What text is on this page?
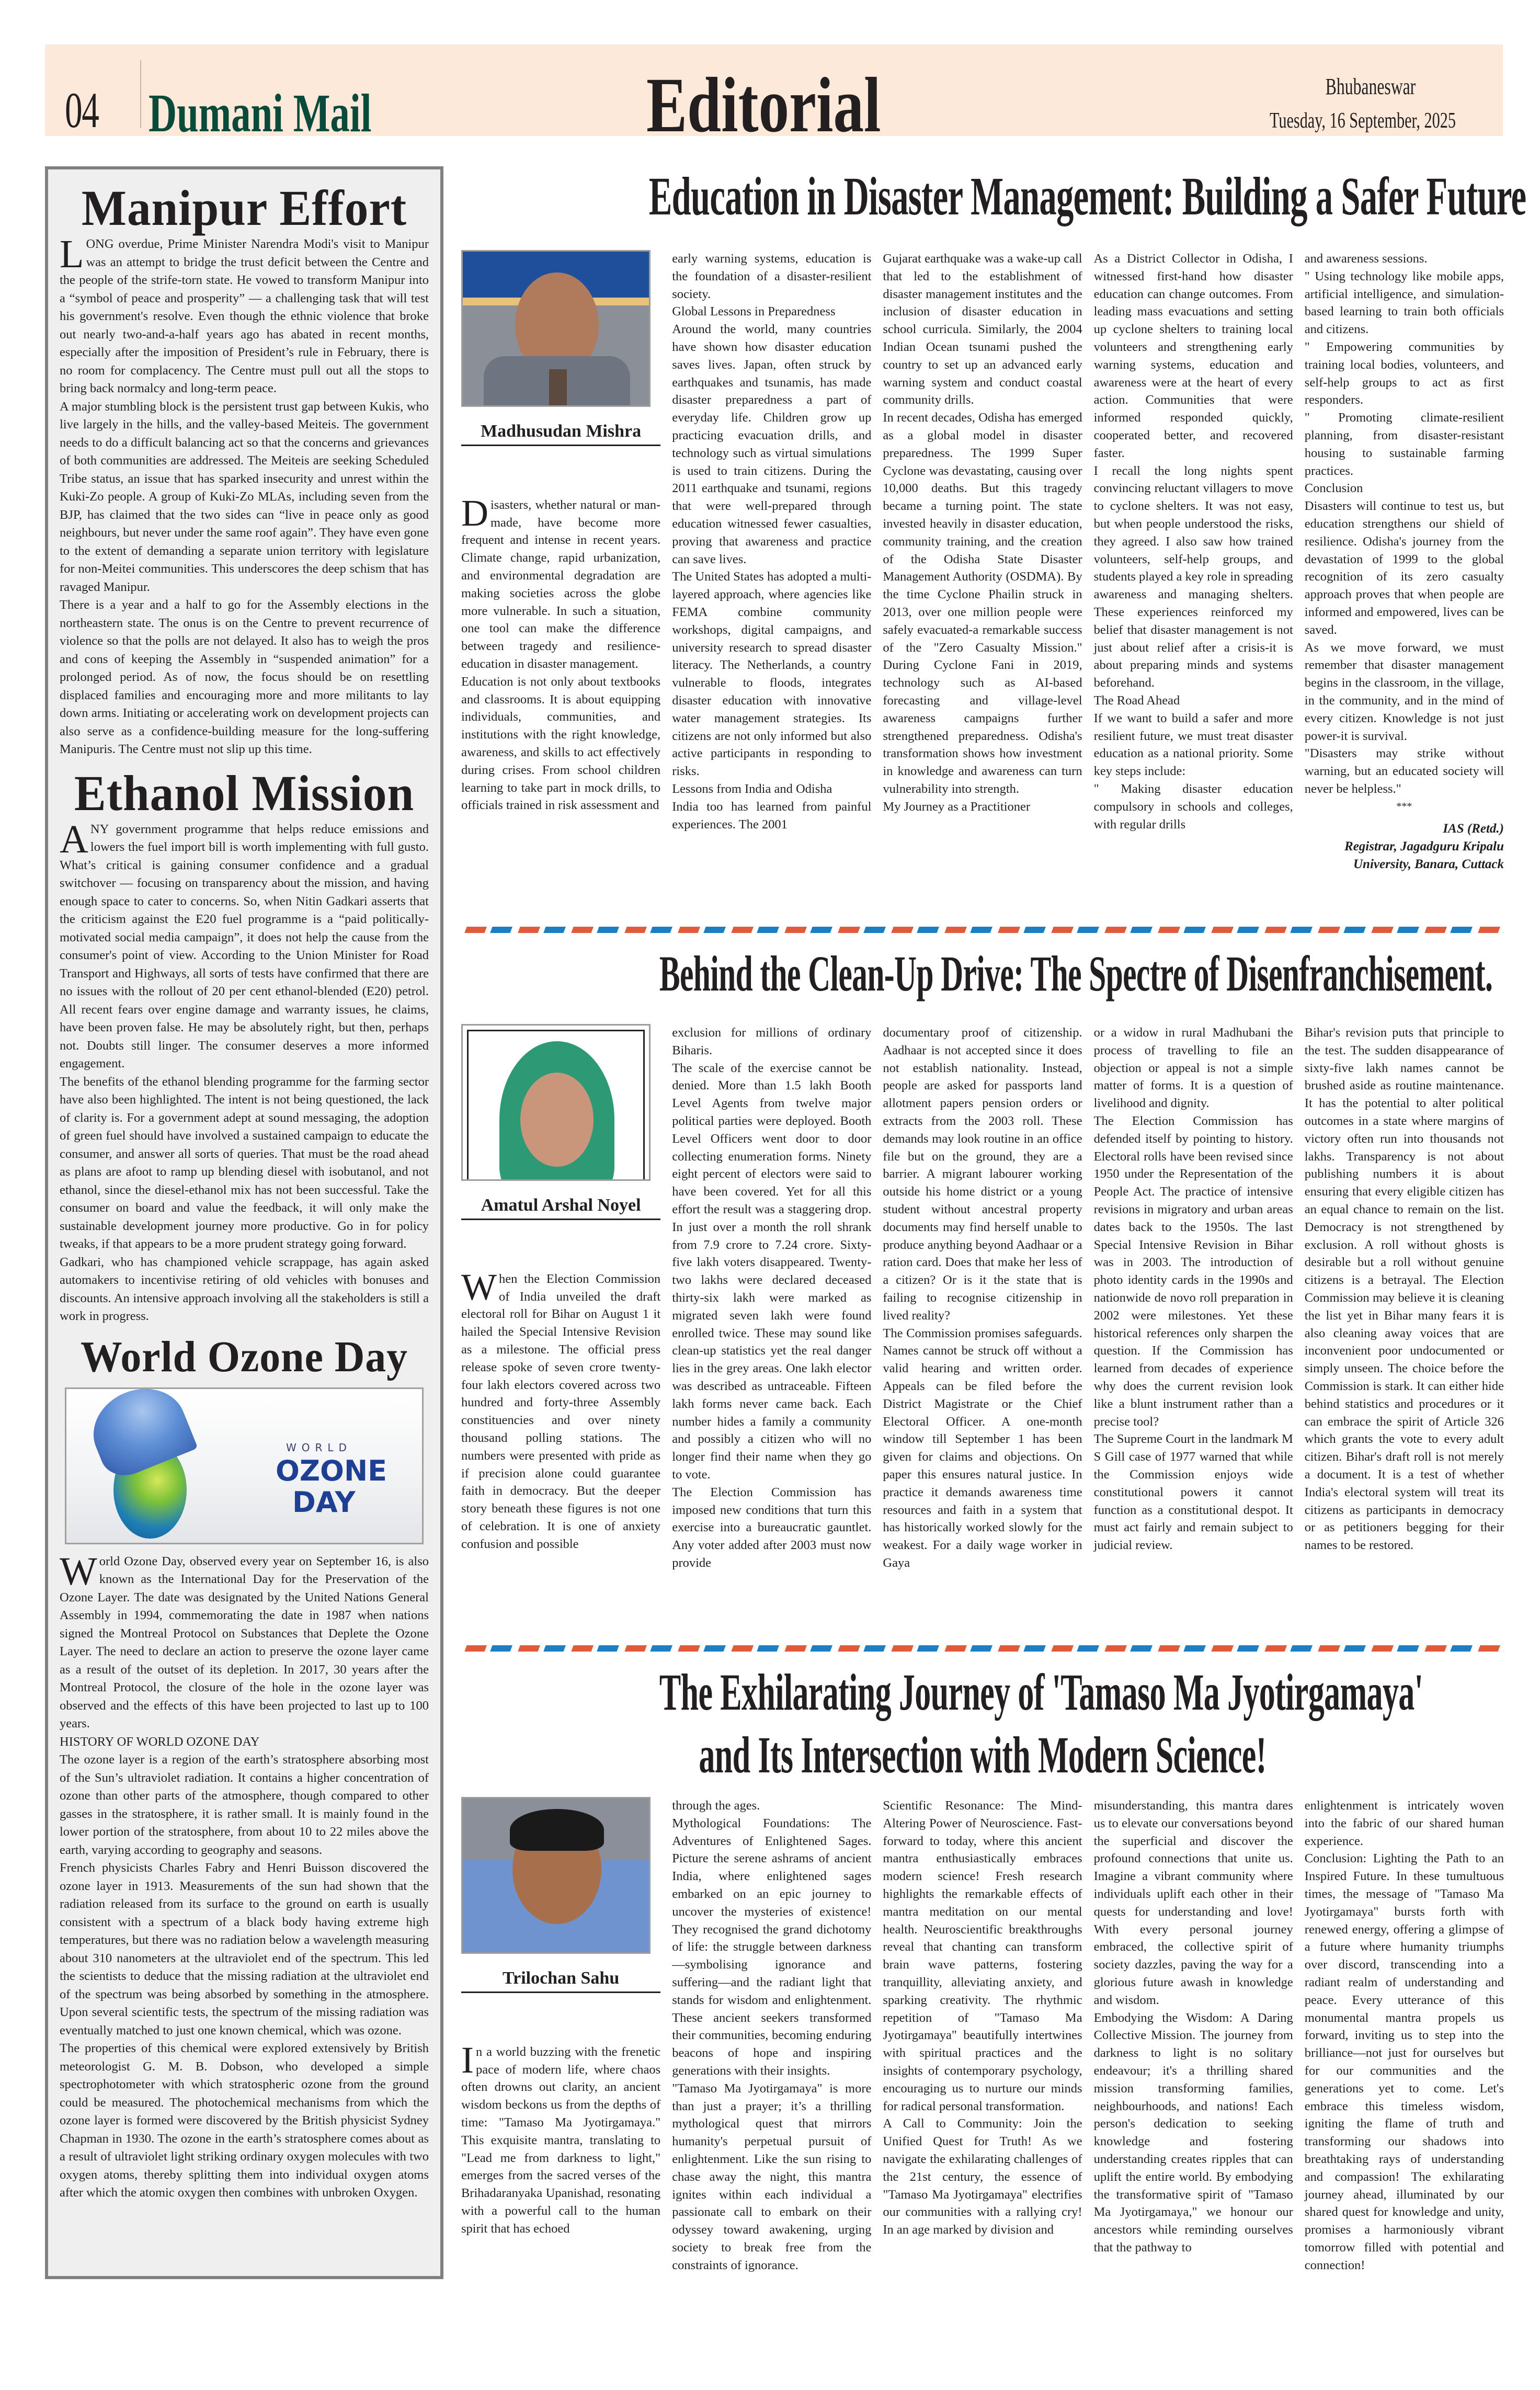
04 Dumani Mail	Editorial	Bhubaneswar
Tuesday, 16 September, 2025
Manipur Effort

LONG overdue, Prime Minister Narendra Modi's visit to Manipur was an attempt to bridge the trust deficit between the Centre and the people of the strife-torn state. He vowed to transform Manipur into a “symbol of peace and prosperity” — a challenging task that will test his government's resolve. Even though the ethnic violence that broke out nearly two-and-a-half years ago has abated in recent months, especially after the imposition of President’s rule in February, there is no room for complacency. The Centre must pull out all the stops to bring back normalcy and long-term peace.

A major stumbling block is the persistent trust gap between Kukis, who live largely in the hills, and the valley-based Meiteis. The government needs to do a difficult balancing act so that the concerns and grievances of both communities are addressed. The Meiteis are seeking Scheduled Tribe status, an issue that has sparked insecurity and unrest within the Kuki-Zo people. A group of Kuki-Zo MLAs, including seven from the BJP, has claimed that the two sides can “live in peace only as good neighbours, but never under the same roof again”. They have even gone to the extent of demanding a separate union territory with legislature for non-Meitei communities. This underscores the deep schism that has ravaged Manipur.

There is a year and a half to go for the Assembly elections in the northeastern state. The onus is on the Centre to prevent recurrence of violence so that the polls are not delayed. It also has to weigh the pros and cons of keeping the Assembly in “suspended animation” for a prolonged period. As of now, the focus should be on resettling displaced families and encouraging more and more militants to lay down arms. Initiating or accelerating work on development projects can also serve as a confidence-building measure for the long-suffering Manipuris. The Centre must not slip up this time.

Ethanol Mission

ANY government programme that helps reduce emissions and lowers the fuel import bill is worth implementing with full gusto. What’s critical is gaining consumer confidence and a gradual switchover — focusing on transparency about the mission, and having enough space to cater to concerns. So, when Nitin Gadkari asserts that the criticism against the E20 fuel programme is a “paid politically-motivated social media campaign”, it does not help the cause from the consumer's point of view. According to the Union Minister for Road Transport and Highways, all sorts of tests have confirmed that there are no issues with the rollout of 20 per cent ethanol-blended (E20) petrol. All recent fears over engine damage and warranty issues, he claims, have been proven false. He may be absolutely right, but then, perhaps not. Doubts still linger. The consumer deserves a more informed engagement.

The benefits of the ethanol blending programme for the farming sector have also been highlighted. The intent is not being questioned, the lack of clarity is. For a government adept at sound messaging, the adoption of green fuel should have involved a sustained campaign to educate the consumer, and answer all sorts of queries. That must be the road ahead as plans are afoot to ramp up blending diesel with isobutanol, and not ethanol, since the diesel-ethanol mix has not been successful. Take the consumer on board and value the feedback, it will only make the sustainable development journey more productive. Go in for policy tweaks, if that appears to be a more prudent strategy going forward.

Gadkari, who has championed vehicle scrappage, has again asked automakers to incentivise retiring of old vehicles with bonuses and discounts. An intensive approach involving all the stakeholders is still a work in progress.

World Ozone Day
WORLD
OZONE
DAY

World Ozone Day, observed every year on September 16, is also known as the International Day for the Preservation of the Ozone Layer. The date was designated by the United Nations General Assembly in 1994, commemorating the date in 1987 when nations signed the Montreal Protocol on Substances that Deplete the Ozone Layer. The need to declare an action to preserve the ozone layer came as a result of the outset of its depletion. In 2017, 30 years after the Montreal Protocol, the closure of the hole in the ozone layer was observed and the effects of this have been projected to last up to 100 years.

HISTORY OF WORLD OZONE DAY

The ozone layer is a region of the earth’s stratosphere absorbing most of the Sun’s ultraviolet radiation. It contains a higher concentration of ozone than other parts of the atmosphere, though compared to other gasses in the stratosphere, it is rather small. It is mainly found in the lower portion of the stratosphere, from about 10 to 22 miles above the earth, varying according to geography and seasons.

French physicists Charles Fabry and Henri Buisson discovered the ozone layer in 1913. Measurements of the sun had shown that the radiation released from its surface to the ground on earth is usually consistent with a spectrum of a black body having extreme high temperatures, but there was no radiation below a wavelength measuring about 310 nanometers at the ultraviolet end of the spectrum. This led the scientists to deduce that the missing radiation at the ultraviolet end of the spectrum was being absorbed by something in the atmosphere. Upon several scientific tests, the spectrum of the missing radiation was eventually matched to just one known chemical, which was ozone.

The properties of this chemical were explored extensively by British meteorologist G. M. B. Dobson, who developed a simple spectrophotometer with which stratospheric ozone from the ground could be measured. The photochemical mechanisms from which the ozone layer is formed were discovered by the British physicist Sydney Chapman in 1930. The ozone in the earth’s stratosphere comes about as a result of ultraviolet light striking ordinary oxygen molecules with two oxygen atoms, thereby splitting them into individual oxygen atoms after which the atomic oxygen then combines with unbroken Oxygen.

Education in Disaster Management: Building a Safer Future
Madhusudan Mishra

Disasters, whether natural or man-made, have become more frequent and intense in recent years. Climate change, rapid urbanization, and environmental degradation are making societies across the globe more vulnerable. In such a situation, one tool can make the difference between tragedy and resilience-education in disaster management.

Education is not only about textbooks and classrooms. It is about equipping individuals, communities, and institutions with the right knowledge, awareness, and skills to act effectively during crises. From school children learning to take part in mock drills, to officials trained in risk assessment and

early warning systems, education is the foundation of a disaster-resilient society.

Global Lessons in Preparedness

Around the world, many countries have shown how disaster education saves lives. Japan, often struck by earthquakes and tsunamis, has made disaster preparedness a part of everyday life. Children grow up practicing evacuation drills, and technology such as virtual simulations is used to train citizens. During the 2011 earthquake and tsunami, regions that were well-prepared through education witnessed fewer casualties, proving that awareness and practice can save lives.

The United States has adopted a multi-layered approach, where agencies like FEMA combine community workshops, digital campaigns, and university research to spread disaster literacy. The Netherlands, a country vulnerable to floods, integrates disaster education with innovative water management strategies. Its citizens are not only informed but also active participants in responding to risks.

Lessons from India and Odisha

India too has learned from painful experiences. The 2001

Gujarat earthquake was a wake-up call that led to the establishment of disaster management institutes and the inclusion of disaster education in school curricula. Similarly, the 2004 Indian Ocean tsunami pushed the country to set up an advanced early warning system and conduct coastal community drills.

In recent decades, Odisha has emerged as a global model in disaster preparedness. The 1999 Super Cyclone was devastating, causing over 10,000 deaths. But this tragedy became a turning point. The state invested heavily in disaster education, community training, and the creation of the Odisha State Disaster Management Authority (OSDMA). By the time Cyclone Phailin struck in 2013, over one million people were safely evacuated-a remarkable success of the "Zero Casualty Mission." During Cyclone Fani in 2019, technology such as AI-based forecasting and village-level awareness campaigns further strengthened preparedness. Odisha's transformation shows how investment in knowledge and awareness can turn vulnerability into strength.

My Journey as a Practitioner

As a District Collector in Odisha, I witnessed first-hand how disaster education can change outcomes. From leading mass evacuations and setting up cyclone shelters to training local volunteers and strengthening early warning systems, education and awareness were at the heart of every action. Communities that were informed responded quickly, cooperated better, and recovered faster.

I recall the long nights spent convincing reluctant villagers to move to cyclone shelters. It was not easy, but when people understood the risks, they agreed. I also saw how trained volunteers, self-help groups, and students played a key role in spreading awareness and managing shelters. These experiences reinforced my belief that disaster management is not just about relief after a crisis-it is about preparing minds and systems beforehand.

The Road Ahead

If we want to build a safer and more resilient future, we must treat disaster education as a national priority. Some key steps include:

" Making disaster education compulsory in schools and colleges, with regular drills

and awareness sessions.

" Using technology like mobile apps, artificial intelligence, and simulation-based learning to train both officials and citizens.

" Empowering communities by training local bodies, volunteers, and self-help groups to act as first responders.

" Promoting climate-resilient planning, from disaster-resistant housing to sustainable farming practices.

Conclusion

Disasters will continue to test us, but education strengthens our shield of resilience. Odisha's journey from the devastation of 1999 to the global recognition of its zero casualty approach proves that when people are informed and empowered, lives can be saved.

As we move forward, we must remember that disaster management begins in the classroom, in the village, in the community, and in the mind of every citizen. Knowledge is not just power-it is survival.

"Disasters may strike without warning, but an educated society will never be helpless."

***

IAS (Retd.)

Registrar, Jagadguru Kripalu

University, Banara, Cuttack

Behind the Clean-Up Drive: The Spectre of Disenfranchisement.
Amatul Arshal Noyel

When the Election Commission of India unveiled the draft electoral roll for Bihar on August 1 it hailed the Special Intensive Revision as a milestone. The official press release spoke of seven crore twenty-four lakh electors covered across two hundred and forty-three Assembly constituencies and over ninety thousand polling stations. The numbers were presented with pride as if precision alone could guarantee faith in democracy. But the deeper story beneath these figures is not one of celebration. It is one of anxiety confusion and possible

exclusion for millions of ordinary Biharis.

The scale of the exercise cannot be denied. More than 1.5 lakh Booth Level Agents from twelve major political parties were deployed. Booth Level Officers went door to door collecting enumeration forms. Ninety eight percent of electors were said to have been covered. Yet for all this effort the result was a staggering drop. In just over a month the roll shrank from 7.9 crore to 7.24 crore. Sixty-five lakh voters disappeared. Twenty-two lakhs were declared deceased thirty-six lakh were marked as migrated seven lakh were found enrolled twice. These may sound like clean-up statistics yet the real danger lies in the grey areas. One lakh elector was described as untraceable. Fifteen lakh forms never came back. Each number hides a family a community and possibly a citizen who will no longer find their name when they go to vote.

The Election Commission has imposed new conditions that turn this exercise into a bureaucratic gauntlet. Any voter added after 2003 must now provide

documentary proof of citizenship. Aadhaar is not accepted since it does not establish nationality. Instead, people are asked for passports land allotment papers pension orders or extracts from the 2003 roll. These demands may look routine in an office file but on the ground, they are a barrier. A migrant labourer working outside his home district or a young student without ancestral property documents may find herself unable to produce anything beyond Aadhaar or a ration card. Does that make her less of a citizen? Or is it the state that is failing to recognise citizenship in lived reality?

The Commission promises safeguards. Names cannot be struck off without a valid hearing and written order. Appeals can be filed before the District Magistrate or the Chief Electoral Officer. A one-month window till September 1 has been given for claims and objections. On paper this ensures natural justice. In practice it demands awareness time resources and faith in a system that has historically worked slowly for the weakest. For a daily wage worker in Gaya

or a widow in rural Madhubani the process of travelling to file an objection or appeal is not a simple matter of forms. It is a question of livelihood and dignity.

The Election Commission has defended itself by pointing to history. Electoral rolls have been revised since 1950 under the Representation of the People Act. The practice of intensive revisions in migratory and urban areas dates back to the 1950s. The last Special Intensive Revision in Bihar was in 2003. The introduction of photo identity cards in the 1990s and nationwide de novo roll preparation in 2002 were milestones. Yet these historical references only sharpen the question. If the Commission has learned from decades of experience why does the current revision look like a blunt instrument rather than a precise tool?

The Supreme Court in the landmark M S Gill case of 1977 warned that while the Commission enjoys wide constitutional powers it cannot function as a constitutional despot. It must act fairly and remain subject to judicial review.

Bihar's revision puts that principle to the test. The sudden disappearance of sixty-five lakh names cannot be brushed aside as routine maintenance. It has the potential to alter political outcomes in a state where margins of victory often run into thousands not lakhs. Transparency is not about publishing numbers it is about ensuring that every eligible citizen has an equal chance to remain on the list. Democracy is not strengthened by exclusion. A roll without ghosts is desirable but a roll without genuine citizens is a betrayal. The Election Commission may believe it is cleaning the list yet in Bihar many fears it is also cleaning away voices that are inconvenient poor undocumented or simply unseen. The choice before the Commission is stark. It can either hide behind statistics and procedures or it can embrace the spirit of Article 326 which grants the vote to every adult citizen. Bihar's draft roll is not merely a document. It is a test of whether India's electoral system will treat its citizens as participants in democracy or as petitioners begging for their names to be restored.

The Exhilarating Journey of 'Tamaso Ma Jyotirgamaya'
and Its Intersection with Modern Science!
Trilochan Sahu

In a world buzzing with the frenetic pace of modern life, where chaos often drowns out clarity, an ancient wisdom beckons us from the depths of time: "Tamaso Ma Jyotirgamaya." This exquisite mantra, translating to "Lead me from darkness to light," emerges from the sacred verses of the Brihadaranyaka Upanishad, resonating with a powerful call to the human spirit that has echoed

through the ages.

Mythological Foundations: The Adventures of Enlightened Sages. Picture the serene ashrams of ancient India, where enlightened sages embarked on an epic journey to uncover the mysteries of existence! They recognised the grand dichotomy of life: the struggle between darkness—symbolising ignorance and suffering—and the radiant light that stands for wisdom and enlightenment. These ancient seekers transformed their communities, becoming enduring beacons of hope and inspiring generations with their insights.

"Tamaso Ma Jyotirgamaya" is more than just a prayer; it’s a thrilling mythological quest that mirrors humanity's perpetual pursuit of enlightenment. Like the sun rising to chase away the night, this mantra ignites within each individual a passionate call to embark on their odyssey toward awakening, urging society to break free from the constraints of ignorance.

Scientific Resonance: The Mind-Altering Power of Neuroscience. Fast-forward to today, where this ancient mantra enthusiastically embraces modern science! Fresh research highlights the remarkable effects of mantra meditation on our mental health. Neuroscientific breakthroughs reveal that chanting can transform brain wave patterns, fostering tranquillity, alleviating anxiety, and sparking creativity. The rhythmic repetition of "Tamaso Ma Jyotirgamaya" beautifully intertwines with spiritual practices and the insights of contemporary psychology, encouraging us to nurture our minds for radical personal transformation.

A Call to Community: Join the Unified Quest for Truth! As we navigate the exhilarating challenges of the 21st century, the essence of "Tamaso Ma Jyotirgamaya" electrifies our communities with a rallying cry! In an age marked by division and

misunderstanding, this mantra dares us to elevate our conversations beyond the superficial and discover the profound connections that unite us. Imagine a vibrant community where individuals uplift each other in their quests for understanding and love! With every personal journey embraced, the collective spirit of society dazzles, paving the way for a glorious future awash in knowledge and wisdom.

Embodying the Wisdom: A Daring Collective Mission. The journey from darkness to light is no solitary endeavour; it's a thrilling shared mission transforming families, neighbourhoods, and nations! Each person's dedication to seeking knowledge and fostering understanding creates ripples that can uplift the entire world. By embodying the transformative spirit of "Tamaso Ma Jyotirgamaya," we honour our ancestors while reminding ourselves that the pathway to

enlightenment is intricately woven into the fabric of our shared human experience.

Conclusion: Lighting the Path to an Inspired Future. In these tumultuous times, the message of "Tamaso Ma Jyotirgamaya" bursts forth with renewed energy, offering a glimpse of a future where humanity triumphs over discord, transcending into a radiant realm of understanding and peace. Every utterance of this monumental mantra propels us forward, inviting us to step into the brilliance—not just for ourselves but for our communities and the generations yet to come. Let's embrace this timeless wisdom, igniting the flame of truth and transforming our shadows into breathtaking rays of understanding and compassion! The exhilarating journey ahead, illuminated by our shared quest for knowledge and unity, promises a harmoniously vibrant tomorrow filled with potential and connection!
